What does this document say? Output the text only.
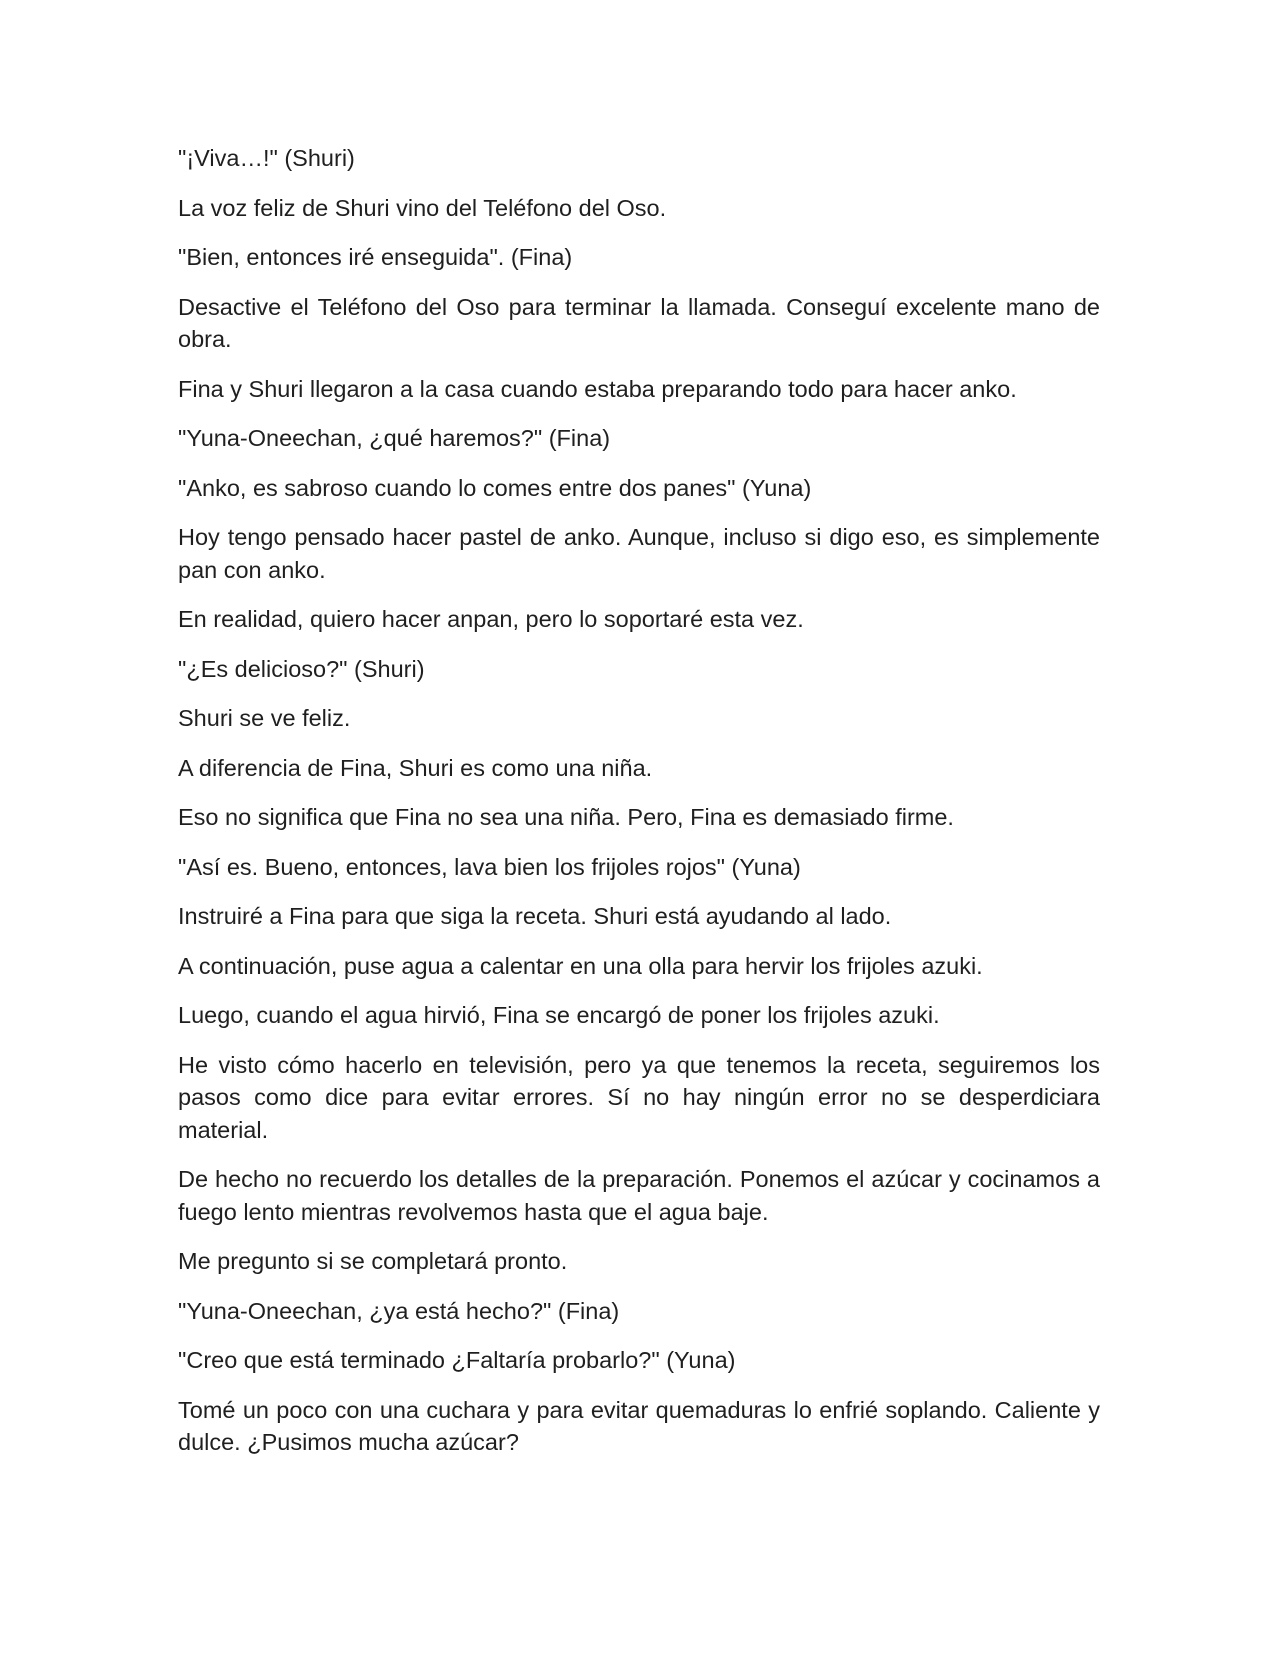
"¡Viva…!" (Shuri)

La voz feliz de Shuri vino del Teléfono del Oso.

"Bien, entonces iré enseguida". (Fina)

Desactive el Teléfono del Oso para terminar la llamada. Conseguí excelente mano de obra.

Fina y Shuri llegaron a la casa cuando estaba preparando todo para hacer anko.

"Yuna-Oneechan, ¿qué haremos?" (Fina)

"Anko, es sabroso cuando lo comes entre dos panes" (Yuna)

Hoy tengo pensado hacer pastel de anko. Aunque, incluso si digo eso, es simplemente pan con anko.

En realidad, quiero hacer anpan, pero lo soportaré esta vez.

"¿Es delicioso?" (Shuri)

Shuri se ve feliz.

A diferencia de Fina, Shuri es como una niña.

Eso no significa que Fina no sea una niña. Pero, Fina es demasiado firme.

"Así es. Bueno, entonces, lava bien los frijoles rojos" (Yuna)

Instruiré a Fina para que siga la receta. Shuri está ayudando al lado.

A continuación, puse agua a calentar en una olla para hervir los frijoles azuki.

Luego, cuando el agua hirvió, Fina se encargó de poner los frijoles azuki.

He visto cómo hacerlo en televisión, pero ya que tenemos la receta, seguiremos los pasos como dice para evitar errores. Sí no hay ningún error no se desperdiciara material.

De hecho no recuerdo los detalles de la preparación. Ponemos el azúcar y cocinamos a fuego lento mientras revolvemos hasta que el agua baje.

Me pregunto si se completará pronto.

"Yuna-Oneechan, ¿ya está hecho?" (Fina)

"Creo que está terminado ¿Faltaría probarlo?" (Yuna)

Tomé un poco con una cuchara y para evitar quemaduras lo enfrié soplando. Caliente y dulce. ¿Pusimos mucha azúcar?
